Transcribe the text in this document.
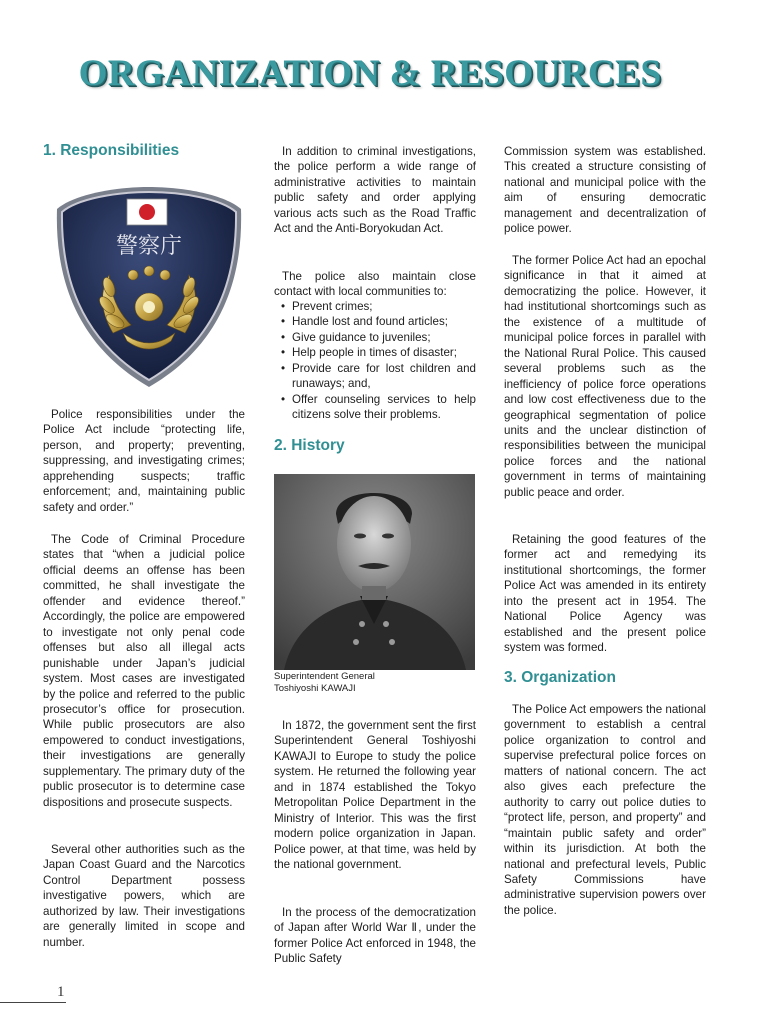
ORGANIZATION & RESOURCES
1. Responsibilities
警察庁

Police responsibilities under the Police Act include “protecting life, person, and property; preventing, suppressing, and investigating crimes; apprehending suspects; traffic enforcement; and, maintaining public safety and order.”

The Code of Criminal Procedure states that “when a judicial police official deems an offense has been committed, he shall investigate the offender and evidence thereof.” Accordingly, the police are empowered to investigate not only penal code offenses but also all illegal acts punishable under Japan’s judicial system. Most cases are investigated by the police and referred to the public prosecutor’s office for prosecution. While public prosecutors are also empowered to conduct investigations, their investigations are generally supplementary. The primary duty of the public prosecutor is to determine case dispositions and prosecute suspects.

Several other authorities such as the Japan Coast Guard and the Narcotics Control Department possess investigative powers, which are authorized by law. Their investigations are generally limited in scope and number.

In addition to criminal investigations, the police perform a wide range of administrative activities to maintain public safety and order applying various acts such as the Road Traffic Act and the Anti-Boryokudan Act.

The police also maintain close contact with local communities to:

• Prevent crimes;
• Handle lost and found articles;
• Give guidance to juveniles;
• Help people in times of disaster;
• Provide care for lost children and runaways; and,
• Offer counseling services to help citizens solve their problems.
2. History
Superintendent General
Toshiyoshi KAWAJI

In 1872, the government sent the first Superintendent General Toshiyoshi KAWAJI to Europe to study the police system. He returned the following year and in 1874 established the Tokyo Metropolitan Police Department in the Ministry of Interior. This was the first modern police organization in Japan. Police power, at that time, was held by the national government.

In the process of the democratization of Japan after World War Ⅱ, under the former Police Act enforced in 1948, the Public Safety

Commission system was established. This created a structure consisting of national and municipal police with the aim of ensuring democratic management and decentralization of police power.

The former Police Act had an epochal significance in that it aimed at democratizing the police. However, it had institutional shortcomings such as the existence of a multitude of municipal police forces in parallel with the National Rural Police. This caused several problems such as the inefficiency of police force operations and low cost effectiveness due to the geographical segmentation of police units and the unclear distinction of responsibilities between the municipal police forces and the national government in terms of maintaining public peace and order.

Retaining the good features of the former act and remedying its institutional shortcomings, the former Police Act was amended in its entirety into the present act in 1954. The National Police Agency was established and the present police system was formed.

3. Organization

The Police Act empowers the national government to establish a central police organization to control and supervise prefectural police forces on matters of national concern. The act also gives each prefecture the authority to carry out police duties to “protect life, person, and property” and “maintain public safety and order” within its jurisdiction. At both the national and prefectural levels, Public Safety Commissions have administrative supervision powers over the police.

1
